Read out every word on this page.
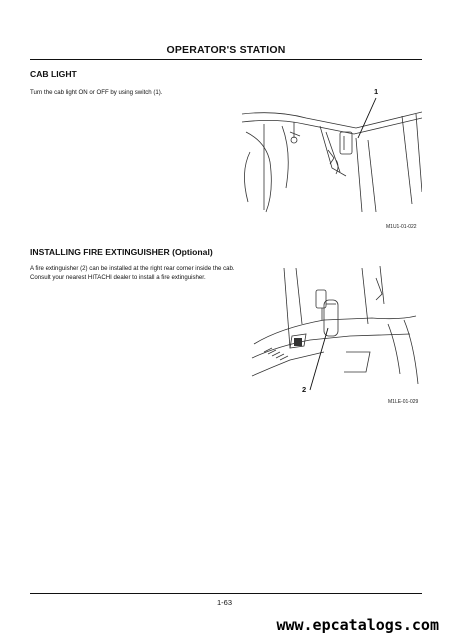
OPERATOR'S STATION
CAB LIGHT
Turn the cab light ON or OFF by using switch (1).	1
M1U1-01-022
INSTALLING FIRE EXTINGUISHER (Optional)
A fire extinguisher (2) can be installed at the right rear corner inside the cab. Consult your nearest HITACHI dealer to install a fire extinguisher.
2
M1LE-01-029
1-63
www.epcatalogs.com
